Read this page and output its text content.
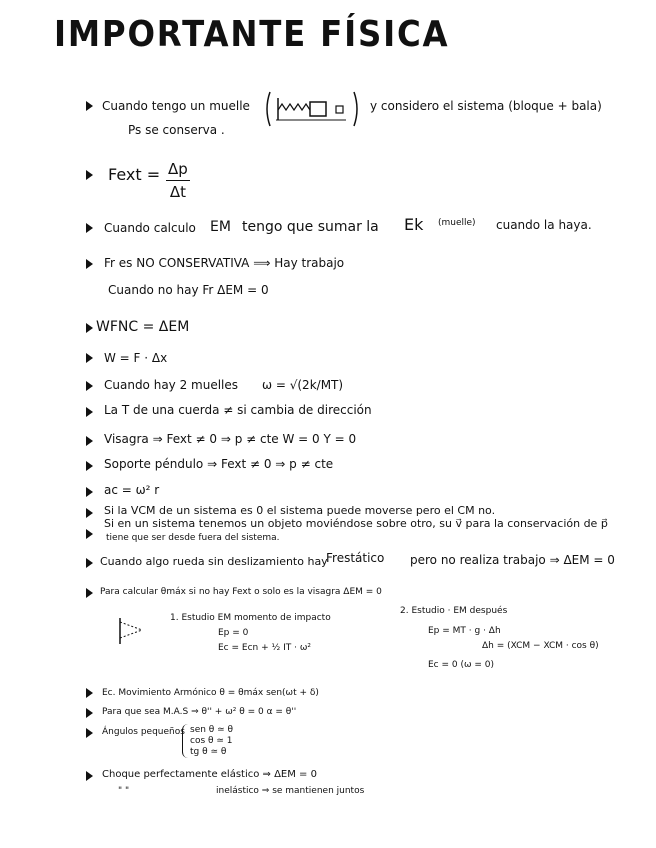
IMPORTANTE FÍSICA
Cuando tengo un muelle	y considero el sistema (bloque + bala)
Ps se conserva .
Fext = $\frac{\Delta p}{\Delta t}$
Cuando calculo EM tengo que sumar la Ek (muelle) cuando la haya.
Fr es NO CONSERVATIVA ⟹ Hay trabajo
Cuando no hay Fr ΔEM = 0
WFNC = ΔEM
W = F · Δx
Cuando hay 2 muelles ω = √(2k/MT)
La T de una cuerda ≠ si cambia de dirección
Visagra ⇒ Fext ≠ 0 ⇒ p ≠ cte W = 0 Υ = 0
Soporte péndulo ⇒ Fext ≠ 0 ⇒ p ≠ cte
ac = ω² r
Si la VCM de un sistema es 0 el sistema puede moverse pero el CM no.
Si en un sistema tenemos un objeto moviéndose sobre otro, su v⃗ para la conservación de p⃗
tiene que ser desde fuera del sistema.
Cuando algo rueda sin deslizamiento hay
Frestático pero no realiza trabajo ⇒ ΔEM = 0
Para calcular θmáx si no hay Fext o solo es la visagra ΔEM = 0
1. Estudio EM momento de impacto
Ep = 0
Ec = Ecn + ½ IT · ω²
2. Estudio · EM después
Ep = MT · g · Δh
Δh = (XCM − XCM · cos θ)
Ec = 0 (ω = 0)
Ec. Movimiento Armónico θ = θmáx sen(ωt + δ)
Para que sea M.A.S ⇒ θ'' + ω² θ = 0 α = θ''
Ángulos pequeños sen θ ≃ θ
cos θ ≃ 1
tg θ ≃ θ
Choque perfectamente elástico ⇒ ΔEM = 0
" "	inelástico ⇒ se mantienen juntos
